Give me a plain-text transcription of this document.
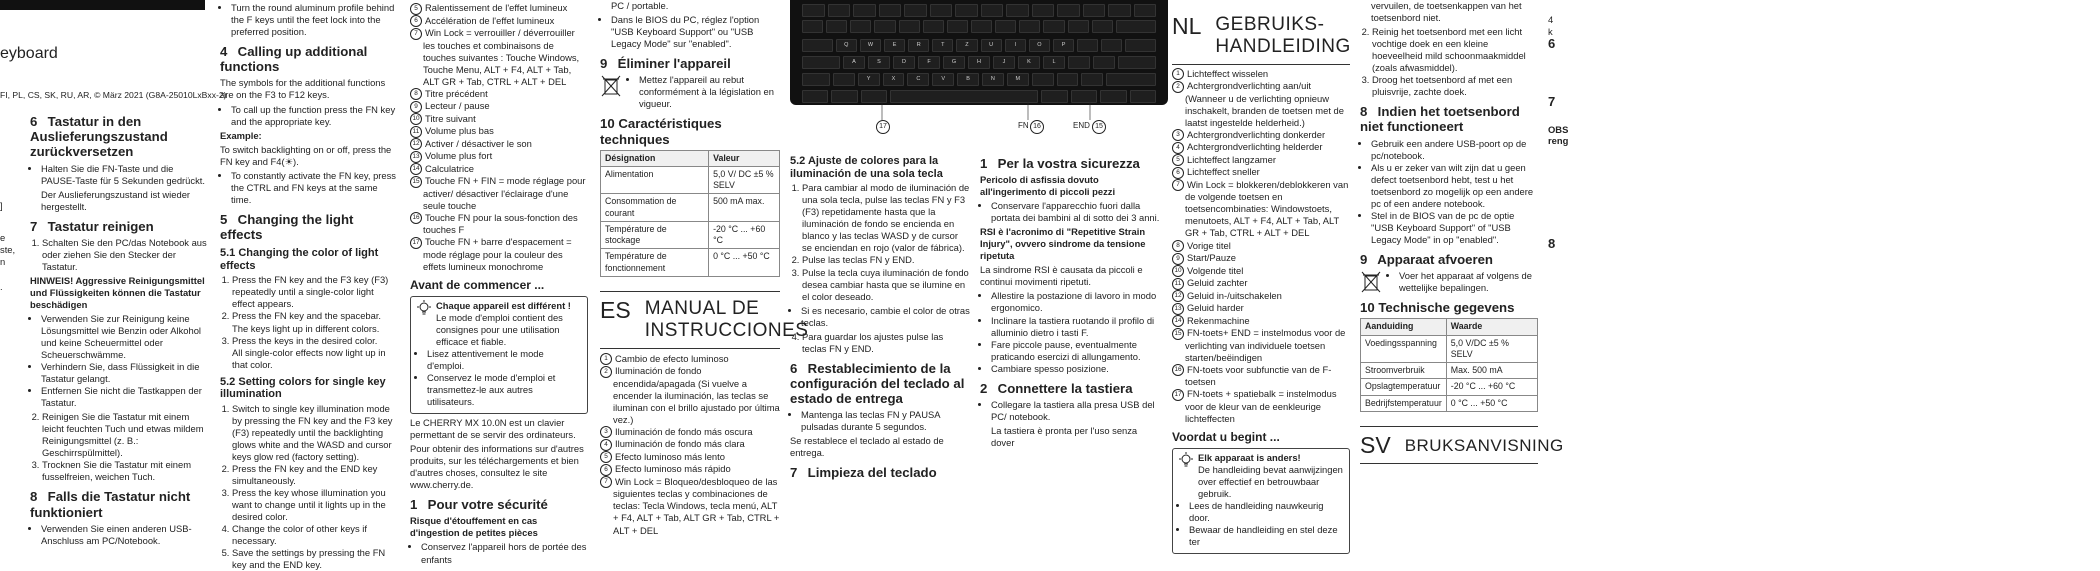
eyboard
FI, PL, CS, SK, RU, AR, © März 2021 (G8A-25010LxBxx-2)
]
e
ste,
n
.
6 Tastatur in den Auslieferungszustand zurückversetzen
• Halten Sie die FN-Taste und die PAUSE-Taste für 5 Sekunden gedrückt.

Der Auslieferungszustand ist wieder hergestellt.

7 Tastatur reinigen
1. Schalten Sie den PC/das Notebook aus oder ziehen Sie den Stecker der Tastatur.

HINWEIS! Aggressive Reinigungsmittel und Flüssigkeiten können die Tastatur beschädigen

• Verwenden Sie zur Reinigung keine Lösungsmittel wie Benzin oder Alkohol und keine Scheuermittel oder Scheuerschwämme.
• Verhindern Sie, dass Flüssigkeit in die Tastatur gelangt.
• Entfernen Sie nicht die Tastkappen der Tastatur.
2. Reinigen Sie die Tastatur mit einem leicht feuchten Tuch und etwas mildem Reinigungsmittel (z. B.: Geschirrspülmittel).
3. Trocknen Sie die Tastatur mit einem fusselfreien, weichen Tuch.
8 Falls die Tastatur nicht funktioniert
• Verwenden Sie einen anderen USB-Anschluss am PC/Notebook.
• Turn the round aluminum profile behind the F keys until the feet lock into the preferred position.
4 Calling up additional functions

The symbols for the additional functions are on the F3 to F12 keys.

• To call up the function press the FN key and the appropriate key.

Example:

To switch backlighting on or off, press the FN key and F4(☀).

• To constantly activate the FN key, press the CTRL and FN keys at the same time.
5 Changing the light effects
5.1 Changing the color of light effects
1. Press the FN key and the F3 key (F3) repeatedly until a single-color light effect appears.
2. Press the FN key and the spacebar.
The keys light up in different colors.
3. Press the keys in the desired color.
All single-color effects now light up in that color.
5.2 Setting colors for single key illumination
1. Switch to single key illumination mode by pressing the FN key and the F3 key (F3) repeatedly until the backlighting glows white and the WASD and cursor keys glow red (factory setting).
2. Press the FN key and the END key simultaneously.
3. Press the key whose illumination you want to change until it lights up in the desired color.
4. Change the color of other keys if necessary.
5. Save the settings by pressing the FN key and the END key.
5 Ralentissement de l'effet lumineux
6 Accélération de l'effet lumineux
7 Win Lock = verrouiller / déverrouiller les touches et combinaisons de touches suivantes : Touche Windows, Touche Menu, ALT + F4, ALT + Tab, ALT GR + Tab, CTRL + ALT + DEL
8 Titre précédent
9 Lecteur / pause
10 Titre suivant
11 Volume plus bas
12 Activer / désactiver le son
13 Volume plus fort
14 Calculatrice
15 Touche FN + FIN = mode réglage pour activer/ désactiver l'éclairage d'une seule touche
16 Touche FN pour la sous-fonction des touches F
17 Touche FN + barre d'espacement = mode réglage pour la couleur des effets lumineux monochrome
Avant de commencer ...
Chaque appareil est différent !
Le mode d'emploi contient des consignes pour une utilisation efficace et fiable.
• Lisez attentivement le mode d'emploi.
• Conservez le mode d'emploi et transmettez-le aux autres utilisateurs.

Le CHERRY MX 10.0N est un clavier permettant de se servir des ordinateurs.

Pour obtenir des informations sur d'autres produits, sur les téléchargements et bien d'autres choses, consultez le site www.cherry.de.

1 Pour votre sécurité

Risque d'étouffement en cas d'ingestion de petites pièces

• Conservez l'appareil hors de portée des enfants

PC / portable.

• Dans le BIOS du PC, réglez l'option "USB Keyboard Support" ou "USB Legacy Mode" sur "enabled".
9 Éliminer l'appareil
• Mettez l'appareil au rebut conformément à la législation en vigueur.
10 Caractéristiques techniques
Désignation	Valeur
Alimentation	5,0 V/ DC ±5 % SELV
Consommation de courant	500 mA max.
Température de stockage	-20 °C ... +60 °C
Température de fonctionnement	0 °C ... +50 °C
ES MANUAL DE
INSTRUCCIONES
1 Cambio de efecto luminoso
2 Iluminación de fondo encendida/apagada (Si vuelve a encender la iluminación, las teclas se iluminan con el brillo ajustado por última vez.)
3 Iluminación de fondo más oscura
4 Iluminación de fondo más clara
5 Efecto luminoso más lento
6 Efecto luminoso más rápido
7 Win Lock = Bloqueo/desbloqueo de las siguientes teclas y combinaciones de teclas: Tecla Windows, tecla menú, ALT + F4, ALT + Tab, ALT GR + Tab, CTRL + ALT + DEL
Q	W	E	R	T	Z	U	I	O	P
A	S	D	F	G	H	J	K	L
Y	X	C	V	B	N	M
17	FN 16	END 15
5.2 Ajuste de colores para la iluminación de una sola tecla
1. Para cambiar al modo de iluminación de una sola tecla, pulse las teclas FN y F3 (F3) repetidamente hasta que la iluminación de fondo se encienda en blanco y las teclas WASD y de cursor se enciendan en rojo (valor de fábrica).
2. Pulse las teclas FN y END.
3. Pulse la tecla cuya iluminación de fondo desea cambiar hasta que se ilumine en el color deseado.
• Si es necesario, cambie el color de otras teclas.
4. Para guardar los ajustes pulse las teclas FN y END.
6 Restablecimiento de la configuración del teclado al estado de entrega
• Mantenga las teclas FN y PAUSA pulsadas durante 5 segundos.

Se restablece el teclado al estado de entrega.

7 Limpieza del teclado
1 Per la vostra sicurezza

Pericolo di asfissia dovuto all'ingerimento di piccoli pezzi

• Conservare l'apparecchio fuori dalla portata dei bambini al di sotto dei 3 anni.

RSI è l'acronimo di "Repetitive Strain Injury", ovvero sindrome da tensione ripetuta

La sindrome RSI è causata da piccoli e continui movimenti ripetuti.

• Allestire la postazione di lavoro in modo ergonomico.
• Inclinare la tastiera ruotando il profilo di alluminio dietro i tasti F.
• Fare piccole pause, eventualmente praticando esercizi di allungamento.
• Cambiare spesso posizione.
2 Connettere la tastiera
• Collegare la tastiera alla presa USB del PC/ notebook.

La tastiera è pronta per l'uso senza dover

NL GEBRUIKS-
HANDLEIDING
1 Lichteffect wisselen
2 Achtergrondverlichting aan/uit (Wanneer u de verlichting opnieuw inschakelt, branden de toetsen met de laatst ingestelde helderheid.)
3 Achtergrondverlichting donkerder
4 Achtergrondverlichting helderder
5 Lichteffect langzamer
6 Lichteffect sneller
7 Win Lock = blokkeren/deblokkeren van de volgende toetsen en toetsencombinaties: Windowstoets, menutoets, ALT + F4, ALT + Tab, ALT GR + Tab, CTRL + ALT + DEL
8 Vorige titel
9 Start/Pauze
10 Volgende titel
11 Geluid zachter
12 Geluid in-/uitschakelen
13 Geluid harder
14 Rekenmachine
15 FN-toets+ END = instelmodus voor de verlichting van individuele toetsen starten/beëindigen
16 FN-toets voor subfunctie van de F-toetsen
17 FN-toets + spatiebalk = instelmodus voor de kleur van de eenkleurige lichteffecten
Voordat u begint ...
Elk apparaat is anders!
De handleiding bevat aanwijzingen over effectief en betrouwbaar gebruik.
• Lees de handleiding nauwkeurig door.
• Bewaar de handleiding en stel deze ter

vervuilen, de toetsenkappen van het toetsenbord niet.

2. Reinig het toetsenbord met een licht vochtige doek en een kleine hoeveelheid mild schoonmaakmiddel (zoals afwasmiddel).
3. Droog het toetsenbord af met een pluisvrije, zachte doek.
8 Indien het toetsenbord niet functioneert
• Gebruik een andere USB-poort op de pc/notebook.
• Als u er zeker van wilt zijn dat u geen defect toetsenbord hebt, test u het toetsenbord zo mogelijk op een andere pc of een andere notebook.
• Stel in de BIOS van de pc de optie "USB Keyboard Support" of "USB Legacy Mode" in op "enabled".
9 Apparaat afvoeren
• Voer het apparaat af volgens de wettelijke bepalingen.
10 Technische gegevens
Aanduiding	Waarde
Voedingsspanning	5,0 V/DC ±5 % SELV
Stroomverbruik	Max. 500 mA
Opslagtemperatuur	-20 °C ... +60 °C
Bedrijfstemperatuur	0 °C ... +50 °C
SV BRUKSANVISNING
4
k
6
7
OBS
reng
8
